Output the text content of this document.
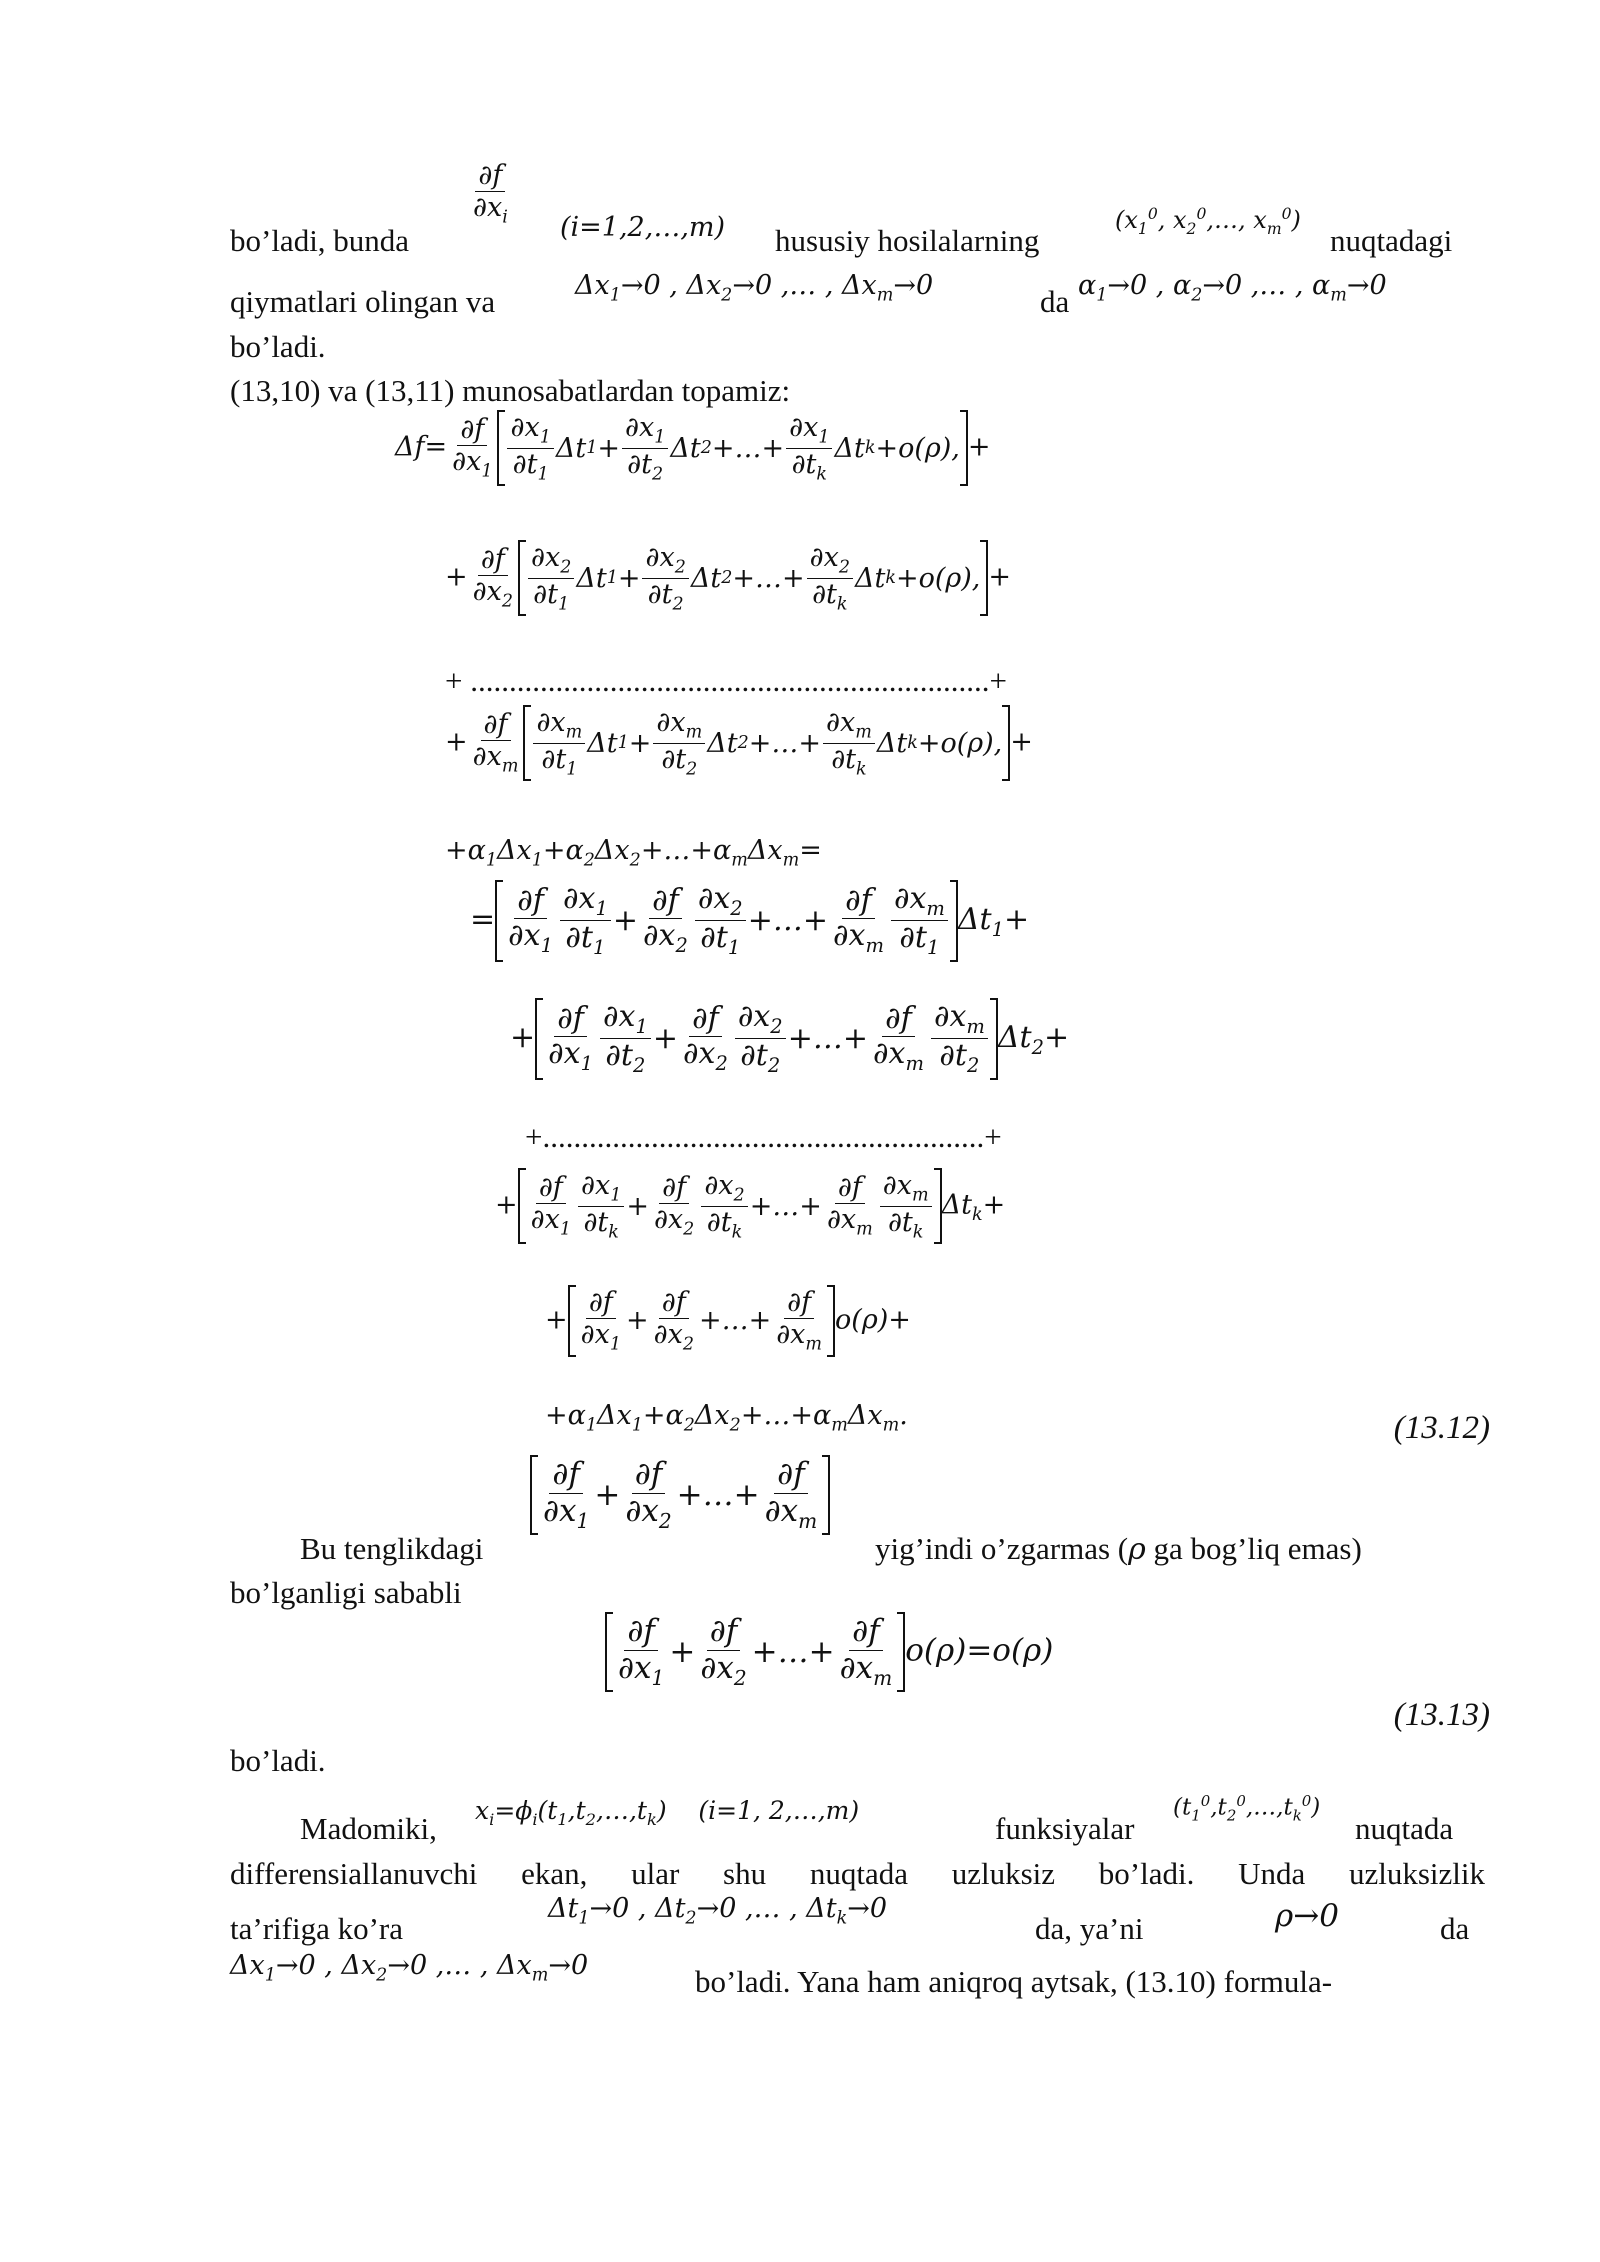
bo’ladi, bunda
$\frac{\partial f}{\partial x_i}$ (i=1,2,…,m) hususiy hosilalarning
($x_1^0$, $x_2^0,\dots$, $x_m^0$)
nuqtadagi
qiymatlari olingan va	$\Delta x_1\to 0$ , $\Delta x_2\to 0$ ,… , $\Delta x_m\to 0$	da $\alpha_1\to 0$ , $\alpha_2\to 0$ ,… , $\alpha_m\to 0$
bo’ladi.
(13,10) va (13,11) munosabatlardan topamiz:
$\Delta f= \frac{\partial f}{\partial x_1} \frac{\partial x_1}{\partial t_1}$ Δt $1 + \frac{\partial x_1}{\partial t_2}$ Δt 2 +…+ $\frac{\partial x_1}{\partial t_k}$ Δt k +o(ρ), +
+ $\frac{\partial f}{\partial x_2} \frac{\partial x_2}{\partial t_1}$ Δt $1 + \frac{\partial x_2}{\partial t_2}$ Δt 2 +…+ $\frac{\partial x_2}{\partial t_k}$ Δt k +o(ρ), +
+ ...................................................................+
+ $\frac{\partial f}{\partial x_m} \frac{\partial x_m}{\partial t_1}$ Δt $1 + \frac{\partial x_m}{\partial t_2}$ Δt 2 +…+ $\frac{\partial x_m}{\partial t_k}$ Δt k +o(ρ), +
$+\alpha_1\Delta x_1+\alpha_2\Delta x_2+\dots+\alpha_m\Delta x_m=$
= $\frac{\partial f}{\partial x_1} \frac{\partial x_1}{\partial t_1} + \frac{\partial f}{\partial x_2} \frac{\partial x_2}{\partial t_1}$ +…+ $\frac{\partial f}{\partial x_m} \frac{\partial x_m}{\partial t_1} \Delta t_1+$
+ $\frac{\partial f}{\partial x_1} \frac{\partial x_1}{\partial t_2} + \frac{\partial f}{\partial x_2} \frac{\partial x_2}{\partial t_2}$ +…+ $\frac{\partial f}{\partial x_m} \frac{\partial x_m}{\partial t_2} \Delta t_2+$
+.........................................................+
+ $\frac{\partial f}{\partial x_1} \frac{\partial x_1}{\partial t_k} + \frac{\partial f}{\partial x_2} \frac{\partial x_2}{\partial t_k}$ +…+ $\frac{\partial f}{\partial x_m} \frac{\partial x_m}{\partial t_k} \Delta t_k+$
+ $\frac{\partial f}{\partial x_1} + \frac{\partial f}{\partial x_2}$ +…+ $\frac{\partial f}{\partial x_m} o(\rho)+$
$+\alpha_1\Delta x_1+\alpha_2\Delta x_2+\dots+\alpha_m\Delta x_m$.	(13.12)
Bu tenglikdagi
$\frac{\partial f}{\partial x_1} + \frac{\partial f}{\partial x_2}$ +…+ $\frac{\partial f}{\partial x_m}$
yig’indi o’zgarmas (ρ ga bog’liq emas)
bo’lganligi sababli
$\frac{\partial f}{\partial x_1} + \frac{\partial f}{\partial x_2}$ +…+ $\frac{\partial f}{\partial x_m} o(\rho)=o(\rho)$
(13.13)
bo’ladi.
Madomiki,
$x_i=\phi_i(t_1,t_2,\dots,t_k)$    (i=1, 2,…,m)
funksiyalar
$(t_1^0,t_2^0,\dots,t_k^0)$
nuqtada
differensiallanuvchi ekan, ular shu nuqtada uzluksiz bo’ladi. Unda uzluksizlik
ta’rifiga ko’ra
$\Delta t_1\to 0$ , $\Delta t_2\to 0$ ,… , $\Delta t_k\to 0$
da, ya’ni	ρ→0	da
$\Delta x_1\to 0$ , $\Delta x_2\to 0$ ,… , $\Delta x_m\to 0$	bo’ladi. Yana ham aniqroq aytsak, (13.10) formula-
